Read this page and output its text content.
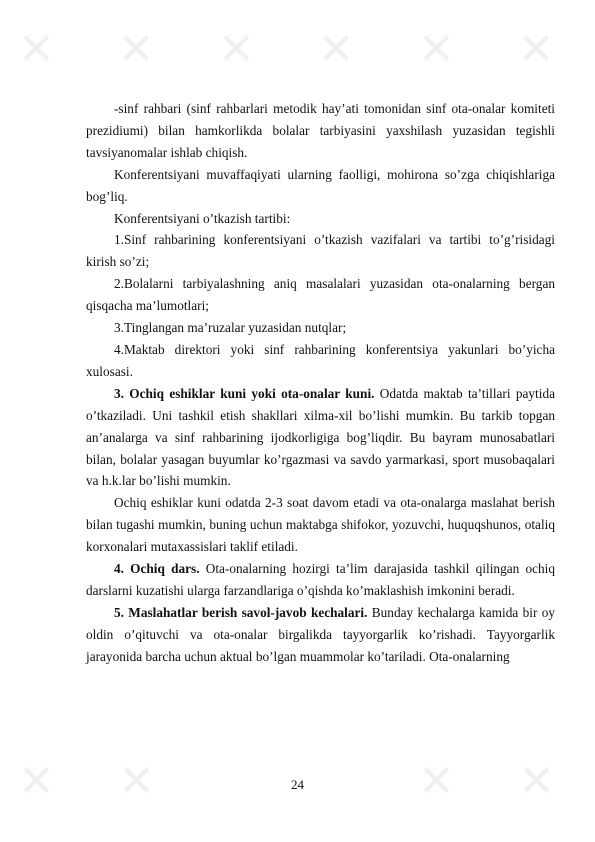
✕ ✕ ✕ ✕ ✕ ✕
✕ ✕	✕ ✕

-sinf rahbari (sinf rahbarlari metodik hay’ati tomonidan sinf ota-onalar komiteti prezidiumi) bilan hamkorlikda bolalar tarbiyasini yaxshilash yuzasidan tegishli tavsiyanomalar ishlab chiqish.

Konferentsiyani muvaffaqiyati ularning faolligi, mohirona so’zga chiqishlariga bog’liq.

Konferentsiyani o’tkazish tartibi:

1.Sinf rahbarining konferentsiyani o’tkazish vazifalari va tartibi to’g’risidagi kirish so’zi;

2.Bolalarni tarbiyalashning aniq masalalari yuzasidan ota-onalarning bergan qisqacha ma’lumotlari;

3.Tinglangan ma’ruzalar yuzasidan nutqlar;

4.Maktab direktori yoki sinf rahbarining konferentsiya yakunlari bo’yicha xulosasi.

3. Ochiq eshiklar kuni yoki ota-onalar kuni. Odatda maktab ta’tillari paytida o’tkaziladi. Uni tashkil etish shakllari xilma-xil bo’lishi mumkin. Bu tarkib topgan an’analarga va sinf rahbarining ijodkorligiga bog’liqdir. Bu bayram munosabatlari bilan, bolalar yasagan buyumlar ko’rgazmasi va savdo yarmarkasi, sport musobaqalari va h.k.lar bo’lishi mumkin.

Ochiq eshiklar kuni odatda 2-3 soat davom etadi va ota-onalarga maslahat berish bilan tugashi mumkin, buning uchun maktabga shifokor, yozuvchi, huquqshunos, otaliq korxonalari mutaxassislari taklif etiladi.

4. Ochiq dars. Ota-onalarning hozirgi ta’lim darajasida tashkil qilingan ochiq darslarni kuzatishi ularga farzandlariga o’qishda ko’maklashish imkonini beradi.

5. Maslahatlar berish savol-javob kechalari. Bunday kechalarga kamida bir oy oldin o’qituvchi va ota-onalar birgalikda tayyorgarlik ko’rishadi. Tayyorgarlik jarayonida barcha uchun aktual bo’lgan muammolar ko’tariladi. Ota-onalarning

24
